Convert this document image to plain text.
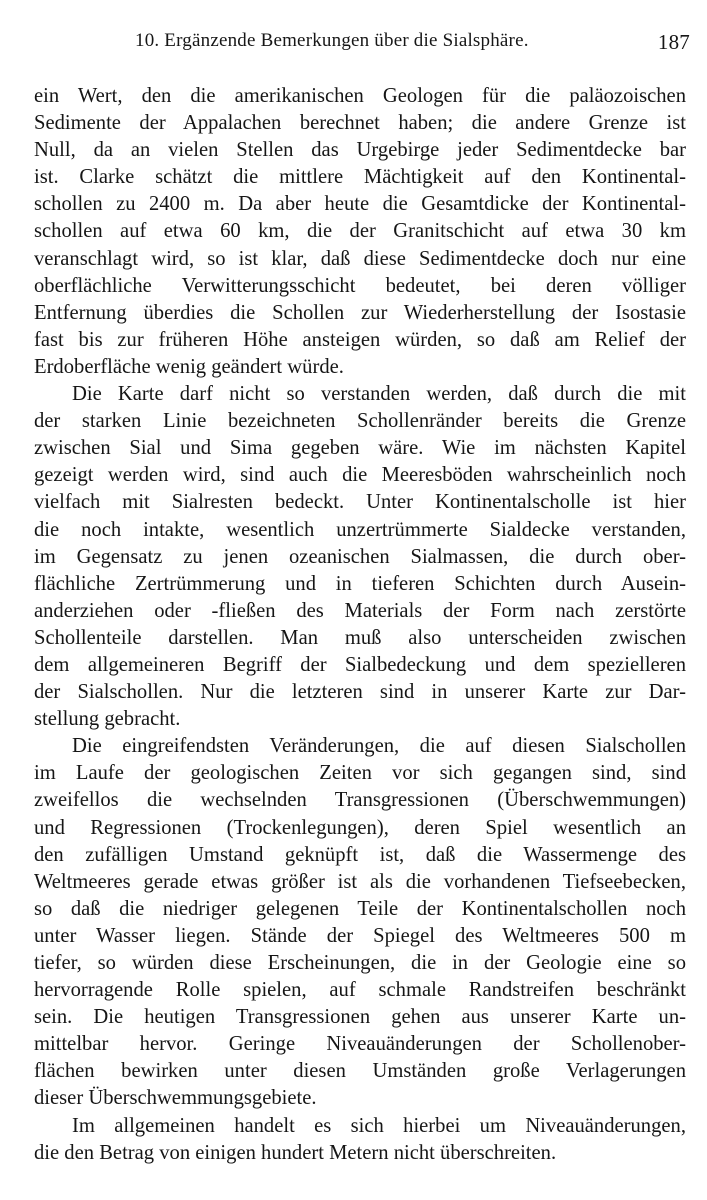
10. Ergänzende Bemerkungen über die Sialsphäre.	187
ein Wert, den die amerikanischen Geologen für die paläozoischen
Sedimente der Appalachen berechnet haben; die andere Grenze ist
Null, da an vielen Stellen das Urgebirge jeder Sedimentdecke bar
ist. Clarke schätzt die mittlere Mächtigkeit auf den Kontinental-
schollen zu 2400 m. Da aber heute die Gesamtdicke der Kontinental-
schollen auf etwa 60 km, die der Granitschicht auf etwa 30 km
veranschlagt wird, so ist klar, daß diese Sedimentdecke doch nur eine
oberflächliche Verwitterungsschicht bedeutet, bei deren völliger
Entfernung überdies die Schollen zur Wiederherstellung der Isostasie
fast bis zur früheren Höhe ansteigen würden, so daß am Relief der
Erdoberfläche wenig geändert würde.
Die Karte darf nicht so verstanden werden, daß durch die mit
der starken Linie bezeichneten Schollenränder bereits die Grenze
zwischen Sial und Sima gegeben wäre. Wie im nächsten Kapitel
gezeigt werden wird, sind auch die Meeresböden wahrscheinlich noch
vielfach mit Sialresten bedeckt. Unter Kontinentalscholle ist hier
die noch intakte, wesentlich unzertrümmerte Sialdecke verstanden,
im Gegensatz zu jenen ozeanischen Sialmassen, die durch ober-
flächliche Zertrümmerung und in tieferen Schichten durch Ausein-
anderziehen oder -fließen des Materials der Form nach zerstörte
Schollenteile darstellen. Man muß also unterscheiden zwischen
dem allgemeineren Begriff der Sialbedeckung und dem spezielleren
der Sialschollen. Nur die letzteren sind in unserer Karte zur Dar-
stellung gebracht.
Die eingreifendsten Veränderungen, die auf diesen Sialschollen
im Laufe der geologischen Zeiten vor sich gegangen sind, sind
zweifellos die wechselnden Transgressionen (Überschwemmungen)
und Regressionen (Trockenlegungen), deren Spiel wesentlich an
den zufälligen Umstand geknüpft ist, daß die Wassermenge des
Weltmeeres gerade etwas größer ist als die vorhandenen Tiefseebecken,
so daß die niedriger gelegenen Teile der Kontinentalschollen noch
unter Wasser liegen. Stände der Spiegel des Weltmeeres 500 m
tiefer, so würden diese Erscheinungen, die in der Geologie eine so
hervorragende Rolle spielen, auf schmale Randstreifen beschränkt
sein. Die heutigen Transgressionen gehen aus unserer Karte un-
mittelbar hervor. Geringe Niveauänderungen der Schollenober-
flächen bewirken unter diesen Umständen große Verlagerungen
dieser Überschwemmungsgebiete.
Im allgemeinen handelt es sich hierbei um Niveauänderungen,
die den Betrag von einigen hundert Metern nicht überschreiten.
